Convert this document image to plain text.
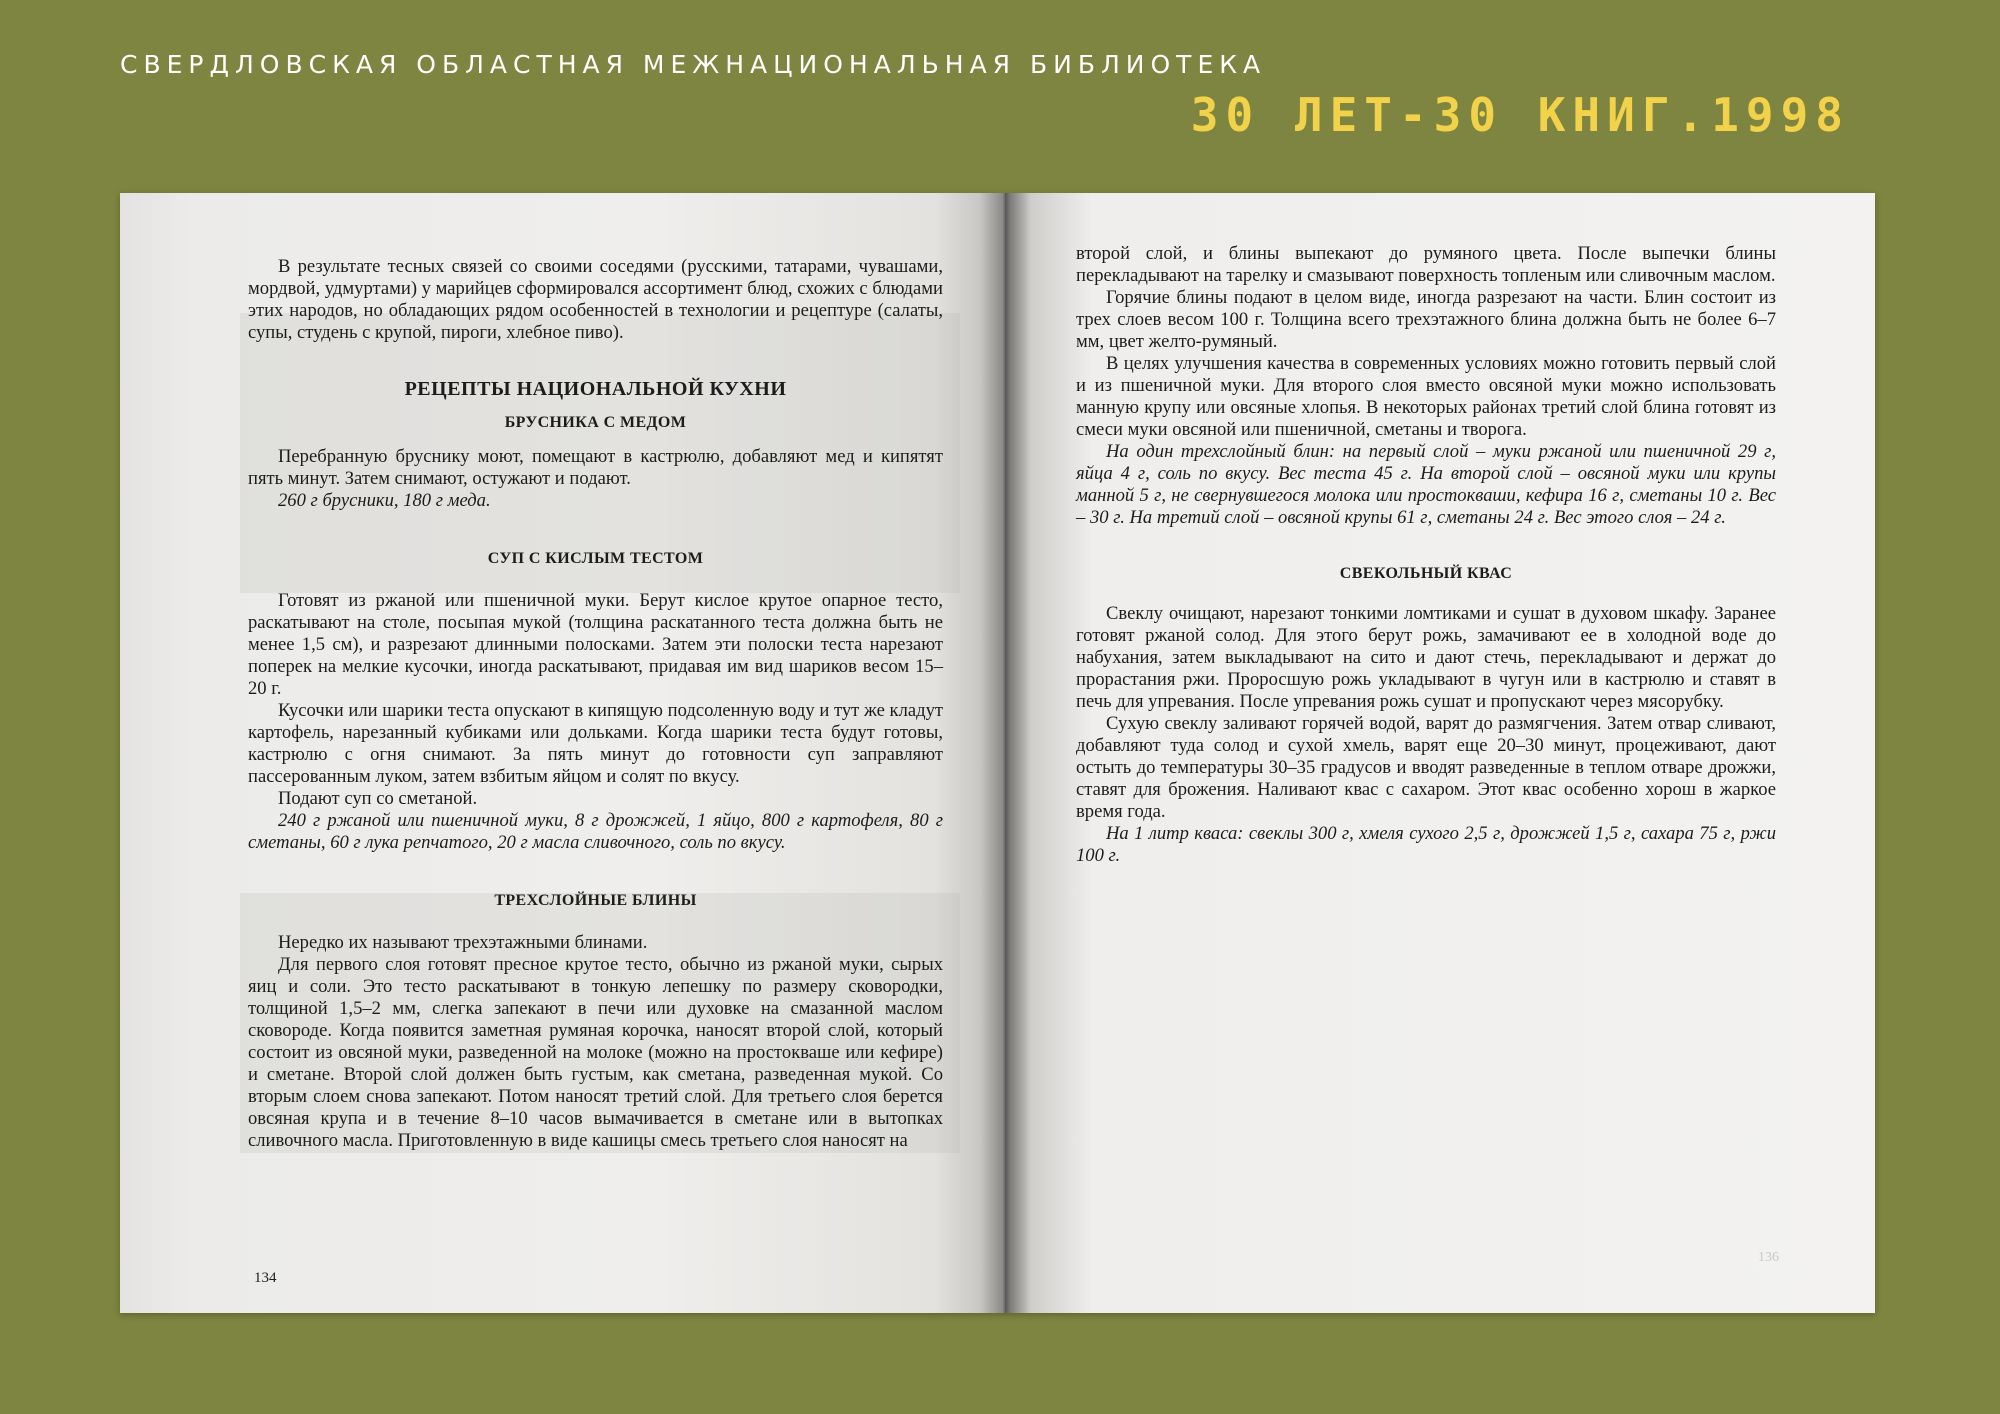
СВЕРДЛОВСКАЯ ОБЛАСТНАЯ МЕЖНАЦИОНАЛЬНАЯ БИБЛИОТЕКА
30 ЛЕТ-30 КНИГ.1998

В результате тесных связей со своими соседями (русскими, татарами, чувашами, мордвой, удмуртами) у марийцев сформировался ассортимент блюд, схожих с блюдами этих народов, но обладающих рядом особенностей в технологии и рецептуре (салаты, супы, студень с крупой, пироги, хлебное пиво).

РЕЦЕПТЫ НАЦИОНАЛЬНОЙ КУХНИ
БРУСНИКА С МЕДОМ

Перебранную бруснику моют, помещают в кастрюлю, добавляют мед и кипятят пять минут. Затем снимают, остужают и подают.

260 г брусники, 180 г меда.

СУП С КИСЛЫМ ТЕСТОМ

Готовят из ржаной или пшеничной муки. Берут кислое крутое опарное тесто, раскатывают на столе, посыпая мукой (толщина раскатанного теста должна быть не менее 1,5 см), и разрезают длинными полосками. Затем эти полоски теста нарезают поперек на мелкие кусочки, иногда раскатывают, придавая им вид шариков весом 15–20 г.

Кусочки или шарики теста опускают в кипящую подсоленную воду и тут же кладут картофель, нарезанный кубиками или дольками. Когда шарики теста будут готовы, кастрюлю с огня снимают. За пять минут до готовности суп заправляют пассерованным луком, затем взбитым яйцом и солят по вкусу.

Подают суп со сметаной.

240 г ржаной или пшеничной муки, 8 г дрожжей, 1 яйцо, 800 г картофеля, 80 г сметаны, 60 г лука репчатого, 20 г масла сливочного, соль по вкусу.

ТРЕХСЛОЙНЫЕ БЛИНЫ

Нередко их называют трехэтажными блинами.

Для первого слоя готовят пресное крутое тесто, обычно из ржаной муки, сырых яиц и соли. Это тесто раскатывают в тонкую лепешку по размеру сковородки, толщиной 1,5–2 мм, слегка запекают в печи или духовке на смазанной маслом сковороде. Когда появится заметная румяная корочка, наносят второй слой, который состоит из овсяной муки, разведенной на молоке (можно на простокваше или кефире) и сметане. Второй слой должен быть густым, как сметана, разведенная мукой. Со вторым слоем снова запекают. Потом наносят третий слой. Для третьего слоя берется овсяная крупа и в течение 8–10 часов вымачивается в сметане или в вытопках сливочного масла. Приготовленную в виде кашицы смесь третьего слоя наносят на

второй слой, и блины выпекают до румяного цвета. После выпечки блины перекладывают на тарелку и смазывают поверхность топленым или сливочным маслом.

Горячие блины подают в целом виде, иногда разрезают на части. Блин состоит из трех слоев весом 100 г. Толщина всего трехэтажного блина должна быть не более 6–7 мм, цвет желто-румяный.

В целях улучшения качества в современных условиях можно готовить первый слой и из пшеничной муки. Для второго слоя вместо овсяной муки можно использовать манную крупу или овсяные хлопья. В некоторых районах третий слой блина готовят из смеси муки овсяной или пшеничной, сметаны и творога.

На один трехслойный блин: на первый слой – муки ржаной или пшеничной 29 г, яйца 4 г, соль по вкусу. Вес теста 45 г. На второй слой – овсяной муки или крупы манной 5 г, не свернувшегося молока или простокваши, кефира 16 г, сметаны 10 г. Вес – 30 г. На третий слой – овсяной крупы 61 г, сметаны 24 г. Вес этого слоя – 24 г.

СВЕКОЛЬНЫЙ КВАС

Свеклу очищают, нарезают тонкими ломтиками и сушат в духовом шкафу. Заранее готовят ржаной солод. Для этого берут рожь, замачивают ее в холодной воде до набухания, затем выкладывают на сито и дают стечь, перекладывают и держат до прорастания ржи. Проросшую рожь укладывают в чугун или в кастрюлю и ставят в печь для упревания. После упревания рожь сушат и пропускают через мясорубку.

Сухую свеклу заливают горячей водой, варят до размягчения. Затем отвар сливают, добавляют туда солод и сухой хмель, варят еще 20–30 минут, процеживают, дают остыть до температуры 30–35 градусов и вводят разведенные в теплом отваре дрожжи, ставят для брожения. Наливают квас с сахаром. Этот квас особенно хорош в жаркое время года.

На 1 литр кваса: свеклы 300 г, хмеля сухого 2,5 г, дрожжей 1,5 г, сахара 75 г, ржи 100 г.

136
134
